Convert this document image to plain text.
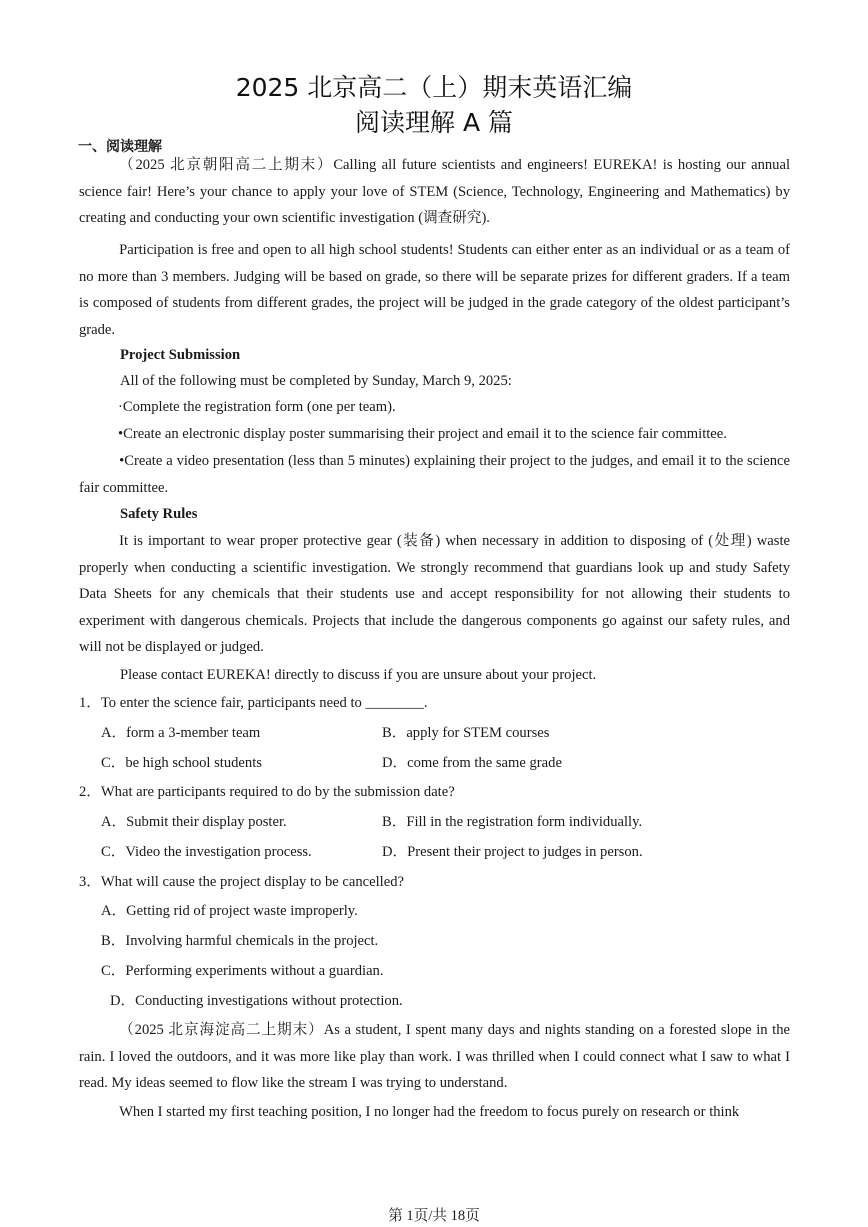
2025 北京高二（上）期末英语汇编
阅读理解 A 篇
一、阅读理解
（2025 北京朝阳高二上期末）Calling all future scientists and engineers! EUREKA! is hosting our annual science fair! Here’s your chance to apply your love of STEM (Science, Technology, Engineering and Mathematics) by creating and conducting your own scientific investigation (调查研究).
Participation is free and open to all high school students! Students can either enter as an individual or as a team of no more than 3 members. Judging will be based on grade, so there will be separate prizes for different graders. If a team is composed of students from different grades, the project will be judged in the grade category of the oldest participant’s grade.
Project Submission
All of the following must be completed by Sunday, March 9, 2025:
·Complete the registration form (one per team).
•Create an electronic display poster summarising their project and email it to the science fair committee.
•Create a video presentation (less than 5 minutes) explaining their project to the judges, and email it to the science fair committee.
Safety Rules
It is important to wear proper protective gear (装备) when necessary in addition to disposing of (处理) waste properly when conducting a scientific investigation. We strongly recommend that guardians look up and study Safety Data Sheets for any chemicals that their students use and accept responsibility for not allowing their students to experiment with dangerous chemicals. Projects that include the dangerous components go against our safety rules, and will not be displayed or judged.
Please contact EUREKA! directly to discuss if you are unsure about your project.
1．To enter the science fair, participants need to ________.
A．form a 3-member team	B．apply for STEM courses
C．be high school students	D．come from the same grade
2．What are participants required to do by the submission date?
A．Submit their display poster.	B．Fill in the registration form individually.
C．Video the investigation process.	D．Present their project to judges in person.
3．What will cause the project display to be cancelled?
A．Getting rid of project waste improperly.
B．Involving harmful chemicals in the project.
C．Performing experiments without a guardian.
D．Conducting investigations without protection.
（2025 北京海淀高二上期末）As a student, I spent many days and nights standing on a forested slope in the rain. I loved the outdoors, and it was more like play than work. I was thrilled when I could connect what I saw to what I read. My ideas seemed to flow like the stream I was trying to understand.
When I started my first teaching position, I no longer had the freedom to focus purely on research or think
第 1页/共 18页
